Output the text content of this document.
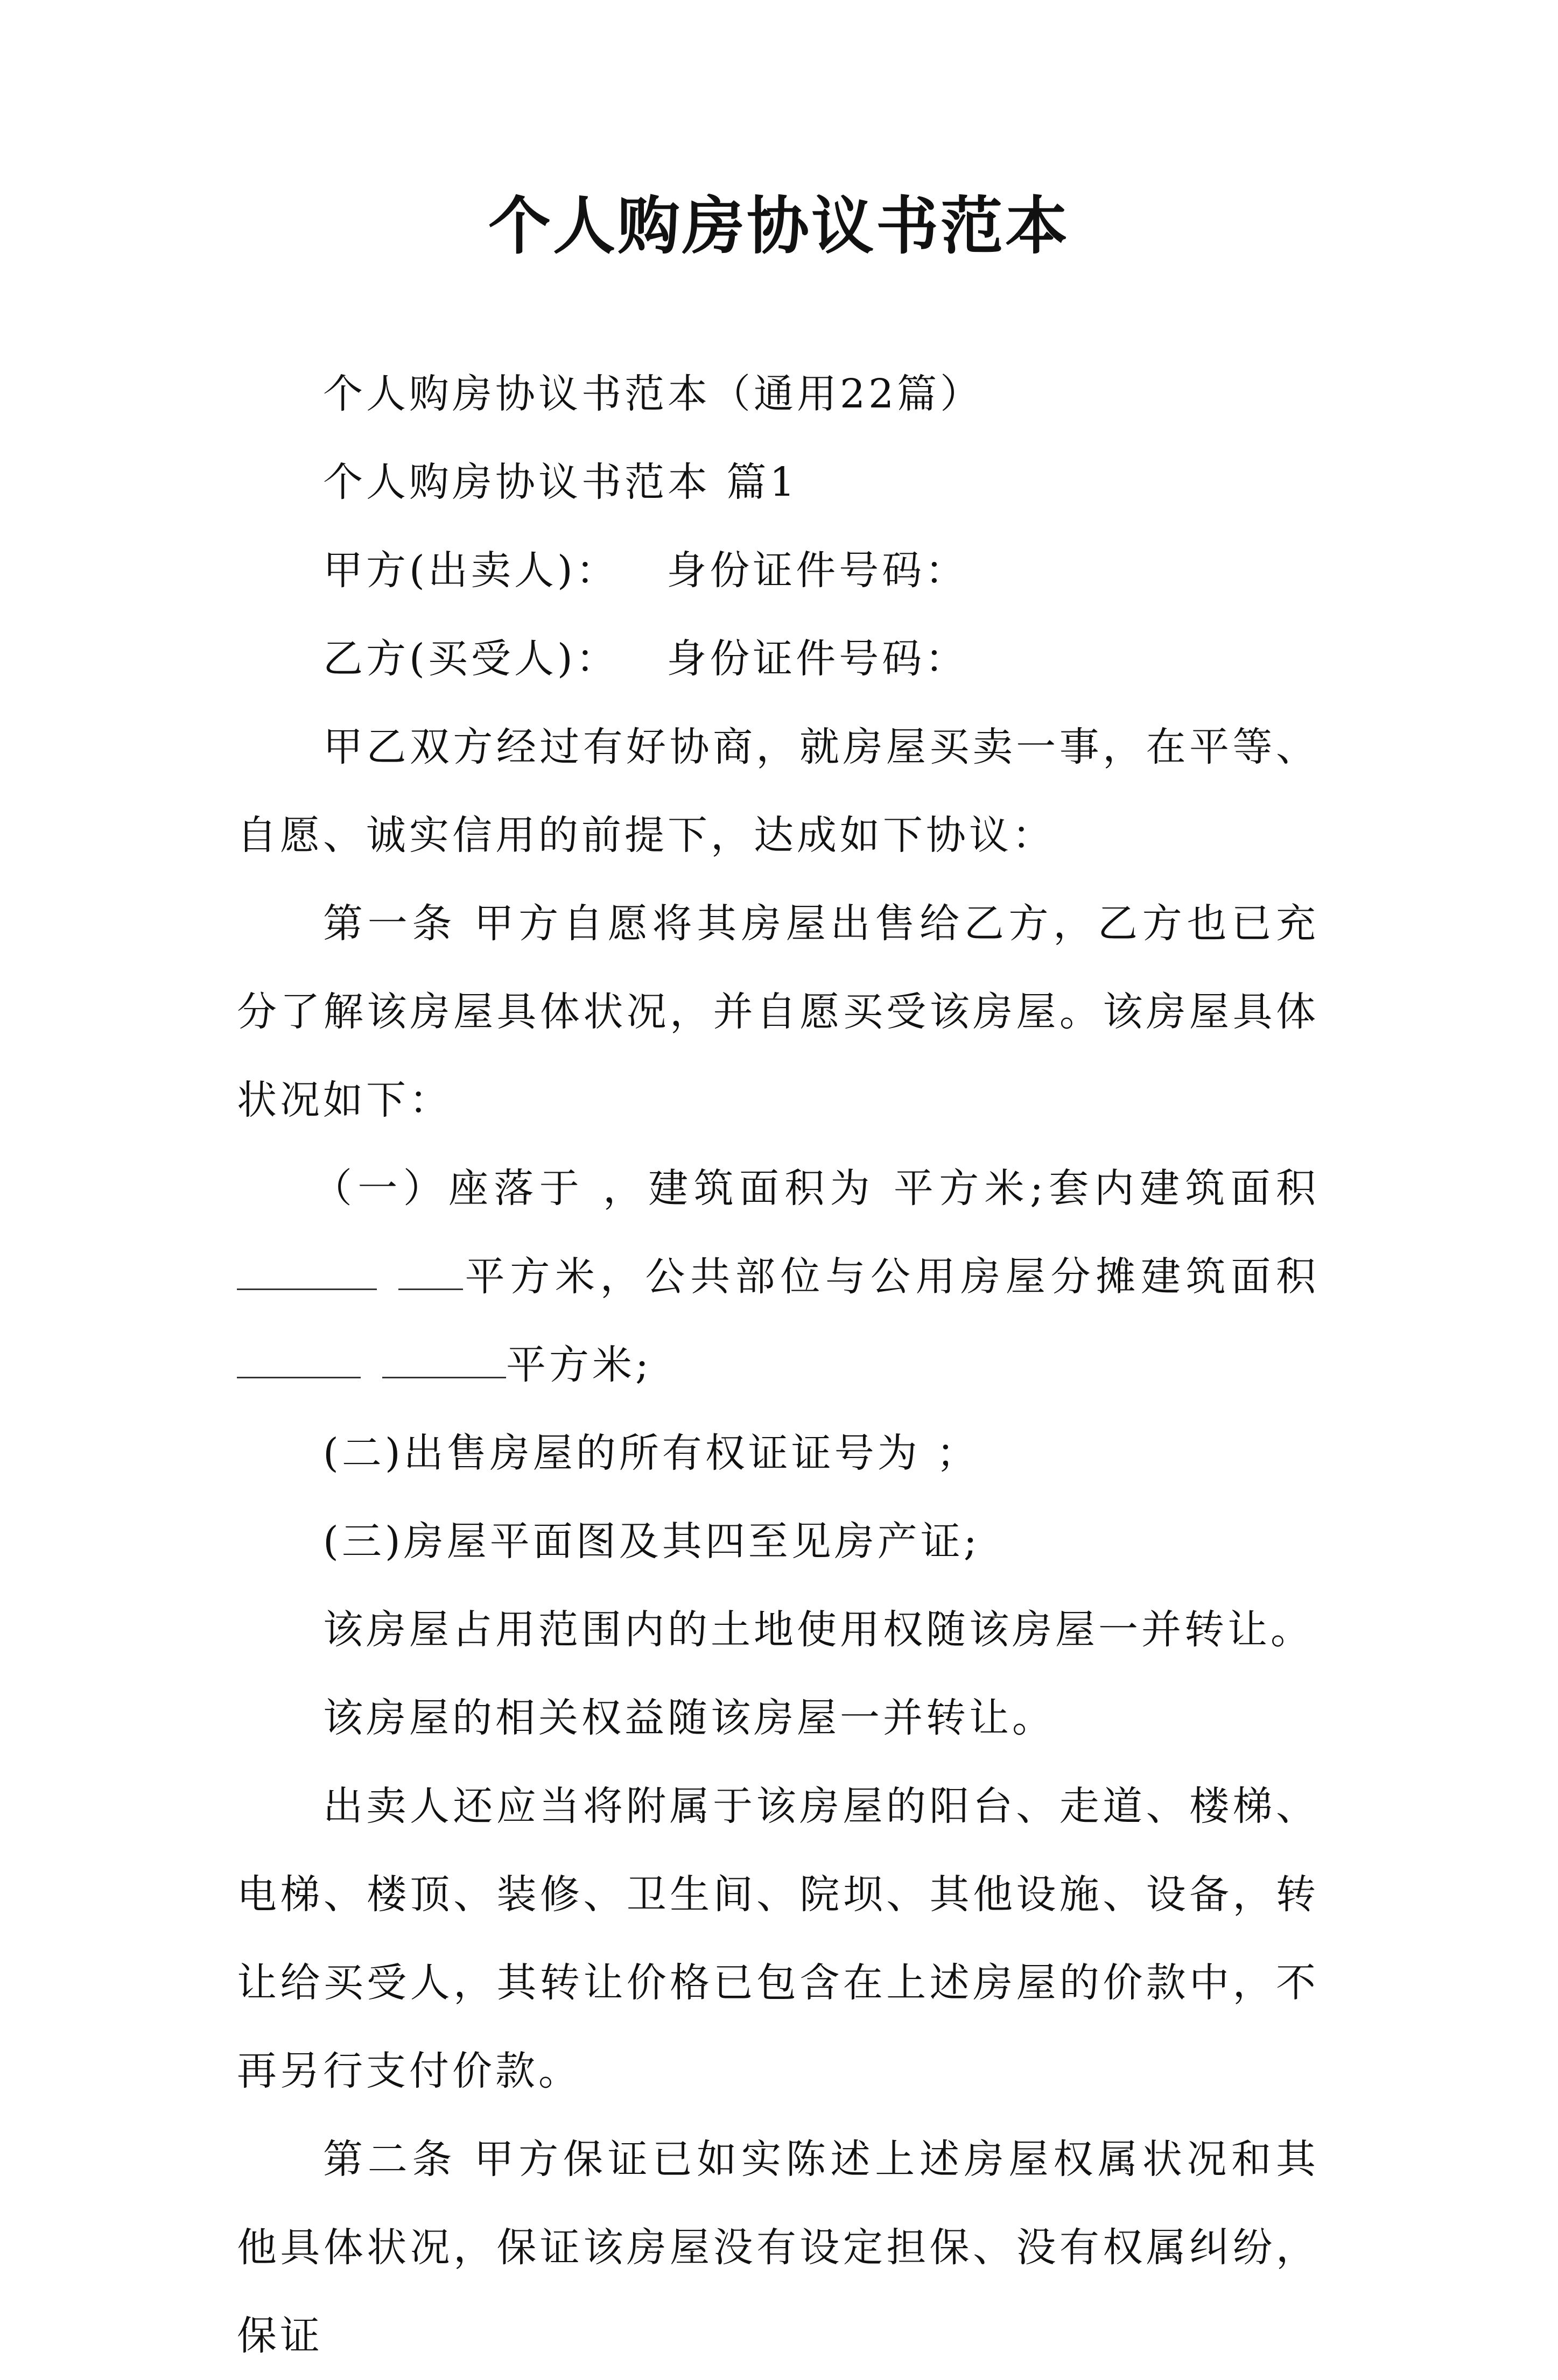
个人购房协议书范本

个人购房协议书范本（通用22篇）

个人购房协议书范本 篇1

甲方(出卖人)：   身份证件号码：

乙方(买受人)：   身份证件号码：

甲乙双方经过有好协商，就房屋买卖一事，在平等、自愿、诚实信用的前提下，达成如下协议：

第一条 甲方自愿将其房屋出售给乙方，乙方也已充分了解该房屋具体状况，并自愿买受该房屋。该房屋具体状况如下：

（一）座落于 ，建筑面积为 平方米;套内建筑面积平方米，公共部位与公用房屋分摊建筑面积平方米;

(二)出售房屋的所有权证证号为 ；

(三)房屋平面图及其四至见房产证;

该房屋占用范围内的土地使用权随该房屋一并转让。

该房屋的相关权益随该房屋一并转让。

出卖人还应当将附属于该房屋的阳台、走道、楼梯、电梯、楼顶、装修、卫生间、院坝、其他设施、设备，转让给买受人，其转让价格已包含在上述房屋的价款中，不再另行支付价款。

第二条 甲方保证已如实陈述上述房屋权属状况和其他具体状况，保证该房屋没有设定担保、没有权属纠纷，保证
